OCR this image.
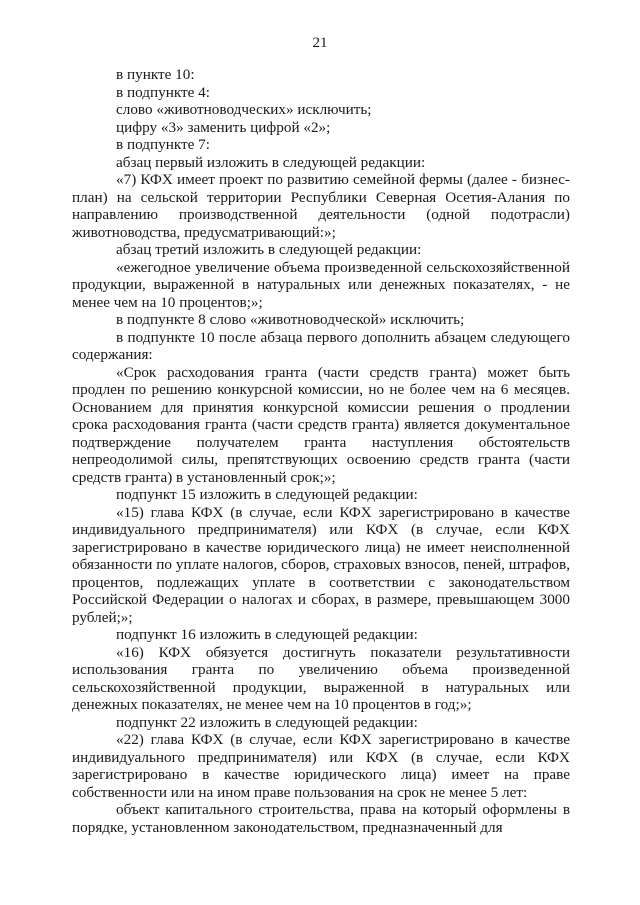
21

в пункте 10:

в подпункте 4:

слово «животноводческих» исключить;

цифру «3» заменить цифрой «2»;

в подпункте 7:

абзац первый изложить в следующей редакции:

«7) КФХ имеет проект по развитию семейной фермы (далее - бизнес-план) на сельской территории Республики Северная Осетия-Алания по направлению производственной деятельности (одной подотрасли) животноводства, предусматривающий:»;

абзац третий изложить в следующей редакции:

«ежегодное увеличение объема произведенной сельскохозяйственной продукции, выраженной в натуральных или денежных показателях, - не менее чем на 10 процентов;»;

в подпункте 8 слово «животноводческой» исключить;

в подпункте 10 после абзаца первого дополнить абзацем следующего содержания:

«Срок расходования гранта (части средств гранта) может быть продлен по решению конкурсной комиссии, но не более чем на 6 месяцев. Основанием для принятия конкурсной комиссии решения о продлении срока расходования гранта (части средств гранта) является документальное подтверждение получателем гранта наступления обстоятельств непреодолимой силы, препятствующих освоению средств гранта (части средств гранта) в установленный срок;»;

подпункт 15 изложить в следующей редакции:

«15) глава КФХ (в случае, если КФХ зарегистрировано в качестве индивидуального предпринимателя) или КФХ (в случае, если КФХ зарегистрировано в качестве юридического лица) не имеет неисполненной обязанности по уплате налогов, сборов, страховых взносов, пеней, штрафов, процентов, подлежащих уплате в соответствии с законодательством Российской Федерации о налогах и сборах, в размере, превышающем 3000 рублей;»;

подпункт 16 изложить в следующей редакции:

«16) КФХ обязуется достигнуть показатели результативности использования гранта по увеличению объема произведенной сельскохозяйственной продукции, выраженной в натуральных или денежных показателях, не менее чем на 10 процентов в год;»;

подпункт 22 изложить в следующей редакции:

«22) глава КФХ (в случае, если КФХ зарегистрировано в качестве индивидуального предпринимателя) или КФХ (в случае, если КФХ зарегистрировано в качестве юридического лица) имеет на праве собственности или на ином праве пользования на срок не менее 5 лет:

объект капитального строительства, права на который оформлены в порядке, установленном законодательством, предназначенный для
